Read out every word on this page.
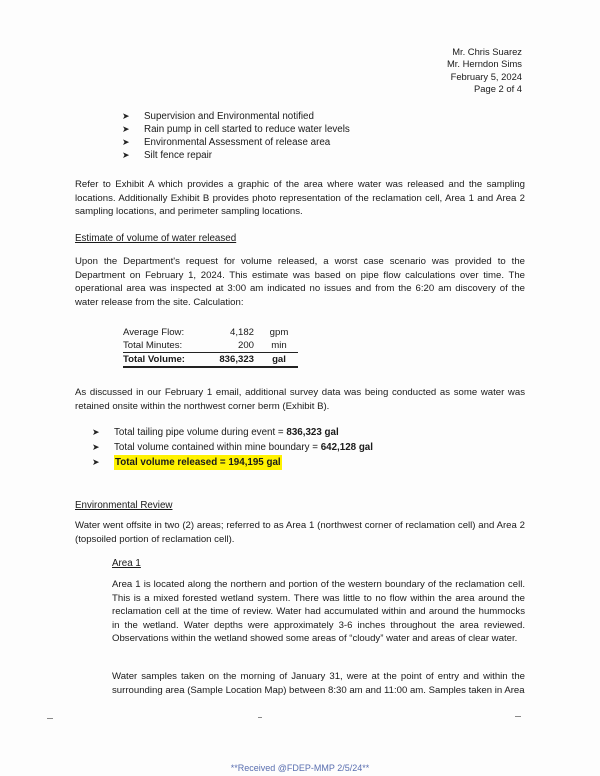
Mr. Chris Suarez
Mr. Herndon Sims
February 5, 2024
Page 2 of 4
➤	Supervision and Environmental notified
➤	Rain pump in cell started to reduce water levels
➤	Environmental Assessment of release area
➤	Silt fence repair

Refer to Exhibit A which provides a graphic of the area where water was released and the sampling locations. Additionally Exhibit B provides photo representation of the reclamation cell, Area 1 and Area 2 sampling locations, and perimeter sampling locations.

Estimate of volume of water released

Upon the Department's request for volume released, a worst case scenario was provided to the Department on February 1, 2024. This estimate was based on pipe flow calculations over time. The operational area was inspected at 3:00 am indicated no issues and from the 6:20 am discovery of the water release from the site. Calculation:

Average Flow:	4,182	gpm
Total Minutes:	200	min
Total Volume:	836,323	gal

As discussed in our February 1 email, additional survey data was being conducted as some water was retained onsite within the northwest corner berm (Exhibit B).

➤	Total tailing pipe volume during event = 836,323 gal
➤	Total volume contained within mine boundary = 642,128 gal
➤	Total volume released = 194,195 gal
Environmental Review

Water went offsite in two (2) areas; referred to as Area 1 (northwest corner of reclamation cell) and Area 2 (topsoiled portion of reclamation cell).

Area 1

Area 1 is located along the northern and portion of the western boundary of the reclamation cell. This is a mixed forested wetland system. There was little to no flow within the area around the reclamation cell at the time of review. Water had accumulated within and around the hummocks in the wetland. Water depths were approximately 3-6 inches throughout the area reviewed. Observations within the wetland showed some areas of “cloudy” water and areas of clear water.

Water samples taken on the morning of January 31, were at the point of entry and within the surrounding area (Sample Location Map) between 8:30 am and 11:00 am. Samples taken in Area

**Received @FDEP-MMP 2/5/24**
